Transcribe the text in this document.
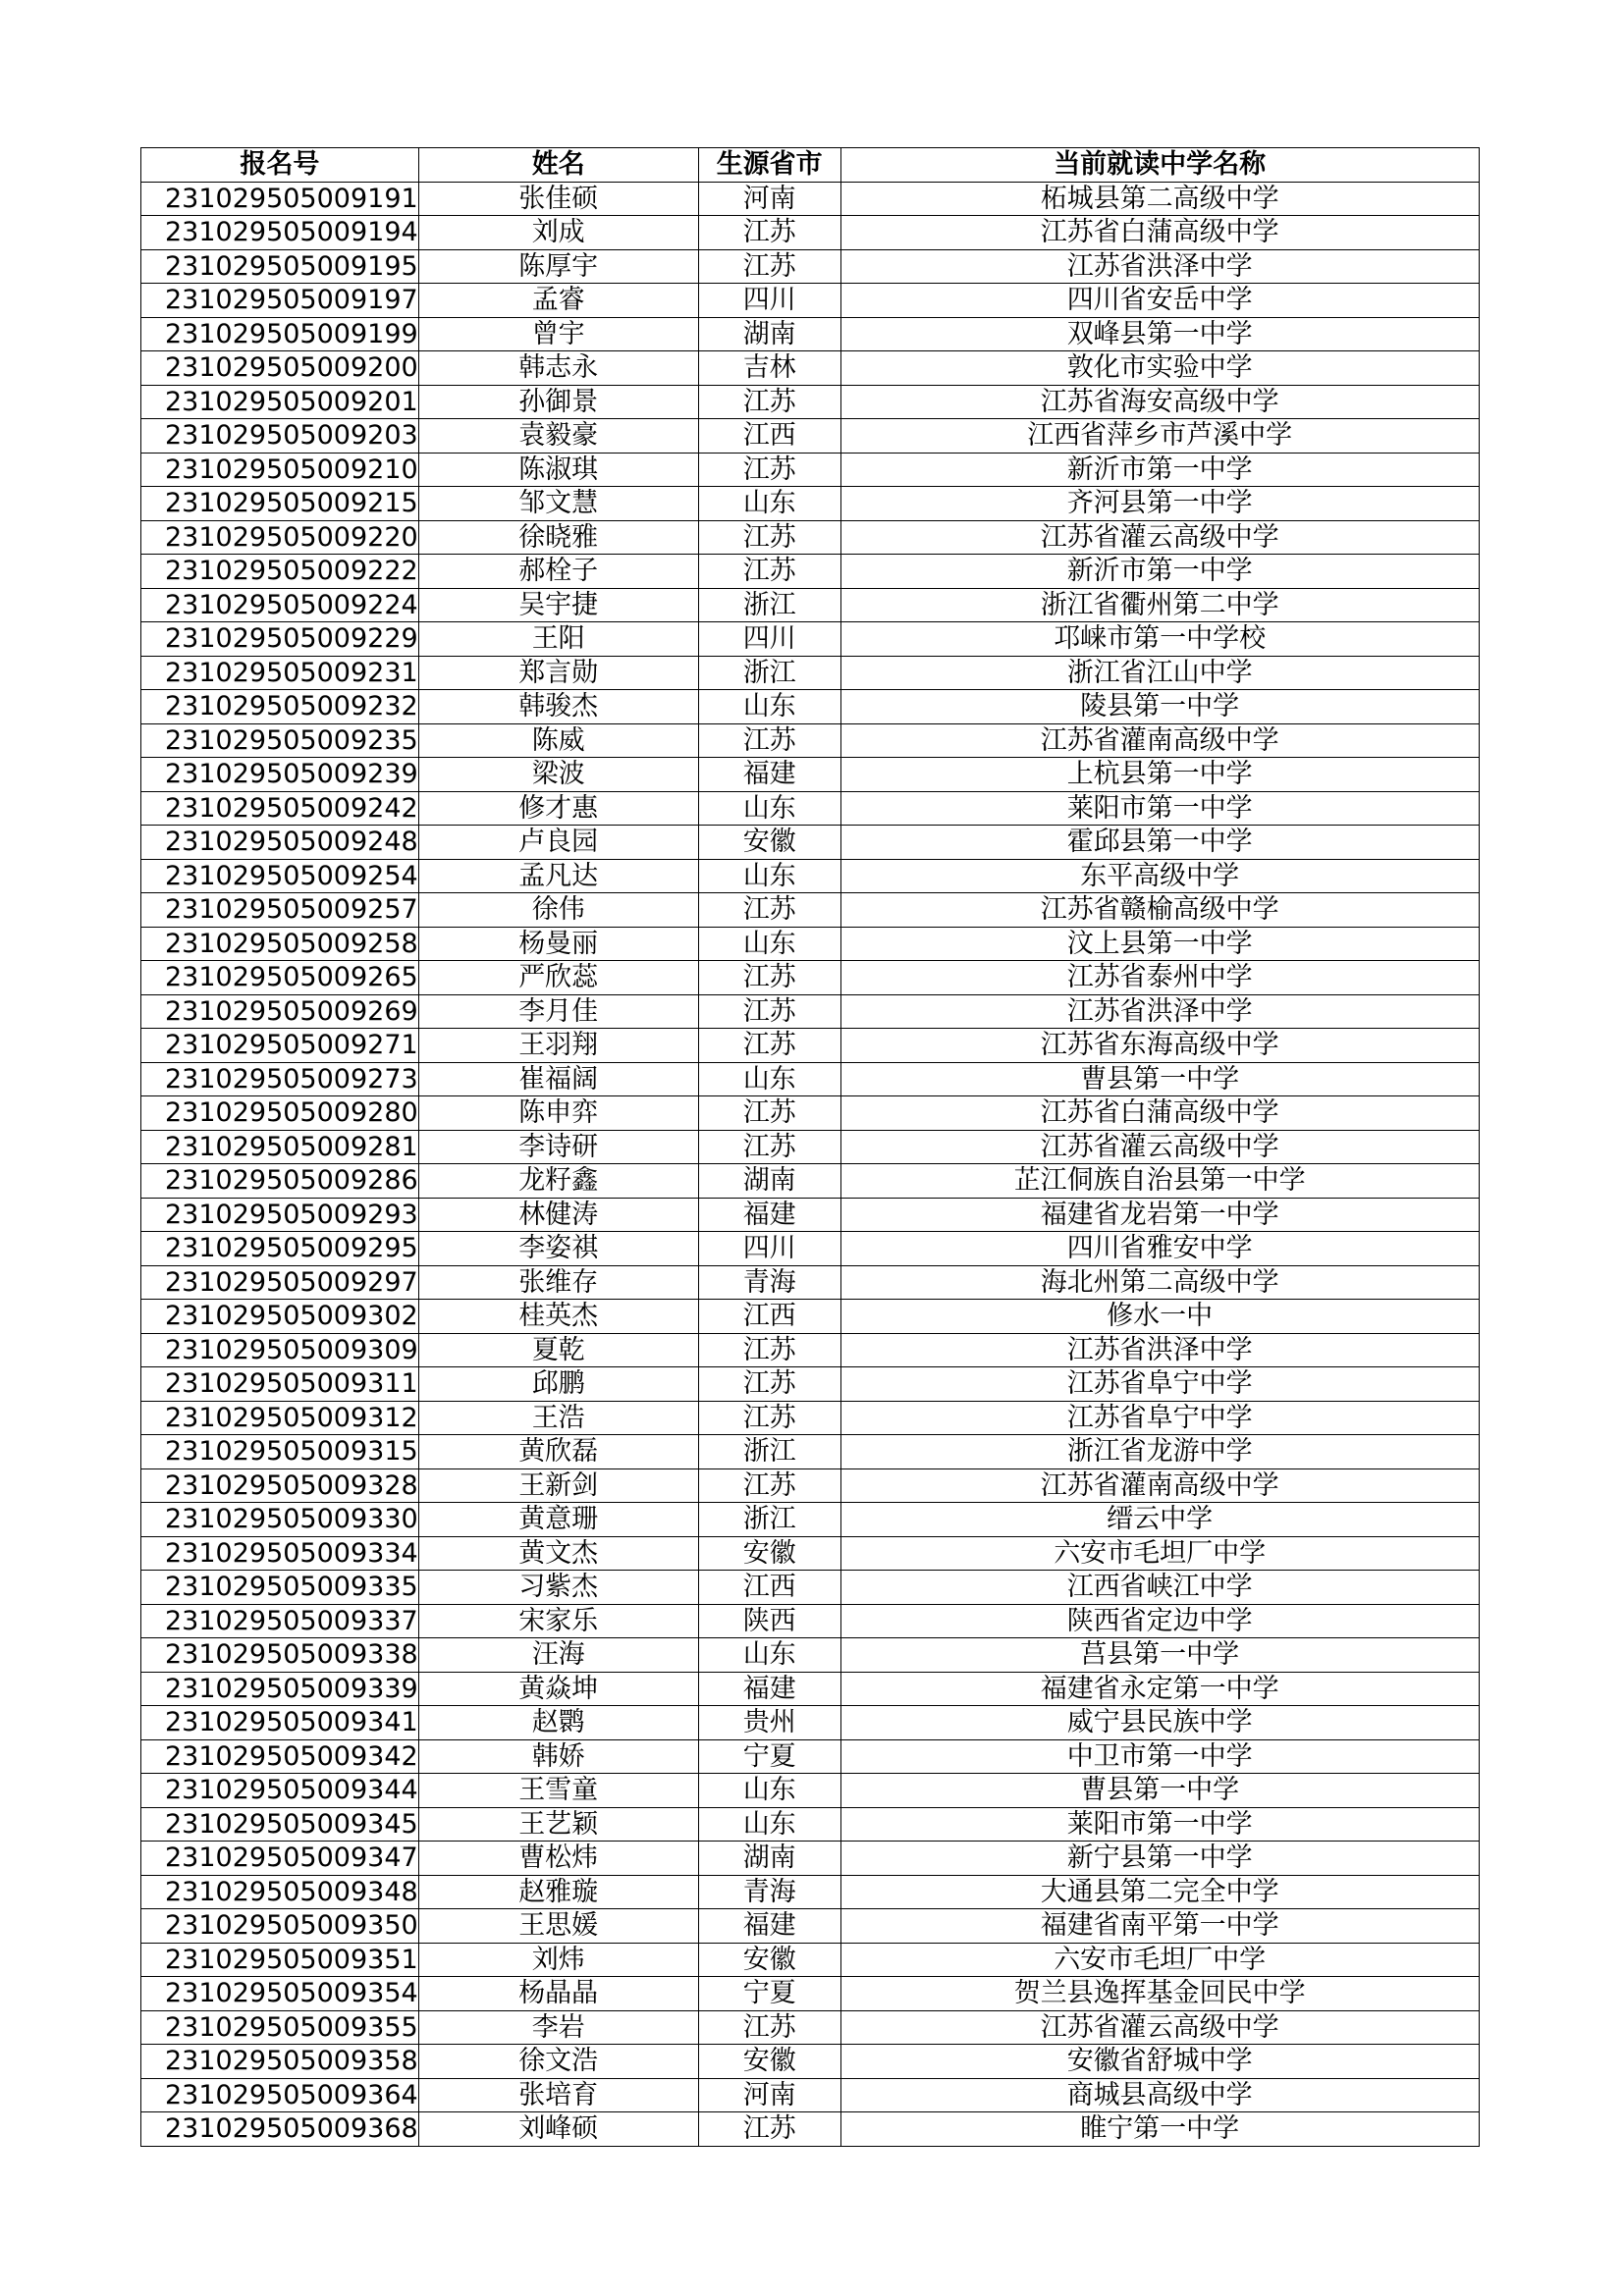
报名号	姓名	生源省市	当前就读中学名称
231029505009191	张佳硕	河南	柘城县第二高级中学
231029505009194	刘成	江苏	江苏省白蒲高级中学
231029505009195	陈厚宇	江苏	江苏省洪泽中学
231029505009197	孟睿	四川	四川省安岳中学
231029505009199	曾宇	湖南	双峰县第一中学
231029505009200	韩志永	吉林	敦化市实验中学
231029505009201	孙御景	江苏	江苏省海安高级中学
231029505009203	袁毅豪	江西	江西省萍乡市芦溪中学
231029505009210	陈淑琪	江苏	新沂市第一中学
231029505009215	邹文慧	山东	齐河县第一中学
231029505009220	徐晓雅	江苏	江苏省灌云高级中学
231029505009222	郝栓子	江苏	新沂市第一中学
231029505009224	吴宇捷	浙江	浙江省衢州第二中学
231029505009229	王阳	四川	邛崃市第一中学校
231029505009231	郑言勋	浙江	浙江省江山中学
231029505009232	韩骏杰	山东	陵县第一中学
231029505009235	陈威	江苏	江苏省灌南高级中学
231029505009239	梁波	福建	上杭县第一中学
231029505009242	修才惠	山东	莱阳市第一中学
231029505009248	卢良园	安徽	霍邱县第一中学
231029505009254	孟凡达	山东	东平高级中学
231029505009257	徐伟	江苏	江苏省赣榆高级中学
231029505009258	杨曼丽	山东	汶上县第一中学
231029505009265	严欣蕊	江苏	江苏省泰州中学
231029505009269	李月佳	江苏	江苏省洪泽中学
231029505009271	王羽翔	江苏	江苏省东海高级中学
231029505009273	崔福阔	山东	曹县第一中学
231029505009280	陈申弈	江苏	江苏省白蒲高级中学
231029505009281	李诗研	江苏	江苏省灌云高级中学
231029505009286	龙籽鑫	湖南	芷江侗族自治县第一中学
231029505009293	林健涛	福建	福建省龙岩第一中学
231029505009295	李姿祺	四川	四川省雅安中学
231029505009297	张维存	青海	海北州第二高级中学
231029505009302	桂英杰	江西	修水一中
231029505009309	夏乾	江苏	江苏省洪泽中学
231029505009311	邱鹏	江苏	江苏省阜宁中学
231029505009312	王浩	江苏	江苏省阜宁中学
231029505009315	黄欣磊	浙江	浙江省龙游中学
231029505009328	王新剑	江苏	江苏省灌南高级中学
231029505009330	黄意珊	浙江	缙云中学
231029505009334	黄文杰	安徽	六安市毛坦厂中学
231029505009335	习紫杰	江西	江西省峡江中学
231029505009337	宋家乐	陕西	陕西省定边中学
231029505009338	汪海	山东	莒县第一中学
231029505009339	黄焱坤	福建	福建省永定第一中学
231029505009341	赵鹮	贵州	威宁县民族中学
231029505009342	韩娇	宁夏	中卫市第一中学
231029505009344	王雪童	山东	曹县第一中学
231029505009345	王艺颖	山东	莱阳市第一中学
231029505009347	曹松炜	湖南	新宁县第一中学
231029505009348	赵雅璇	青海	大通县第二完全中学
231029505009350	王思媛	福建	福建省南平第一中学
231029505009351	刘炜	安徽	六安市毛坦厂中学
231029505009354	杨晶晶	宁夏	贺兰县逸挥基金回民中学
231029505009355	李岩	江苏	江苏省灌云高级中学
231029505009358	徐文浩	安徽	安徽省舒城中学
231029505009364	张培育	河南	商城县高级中学
231029505009368	刘峰硕	江苏	睢宁第一中学
